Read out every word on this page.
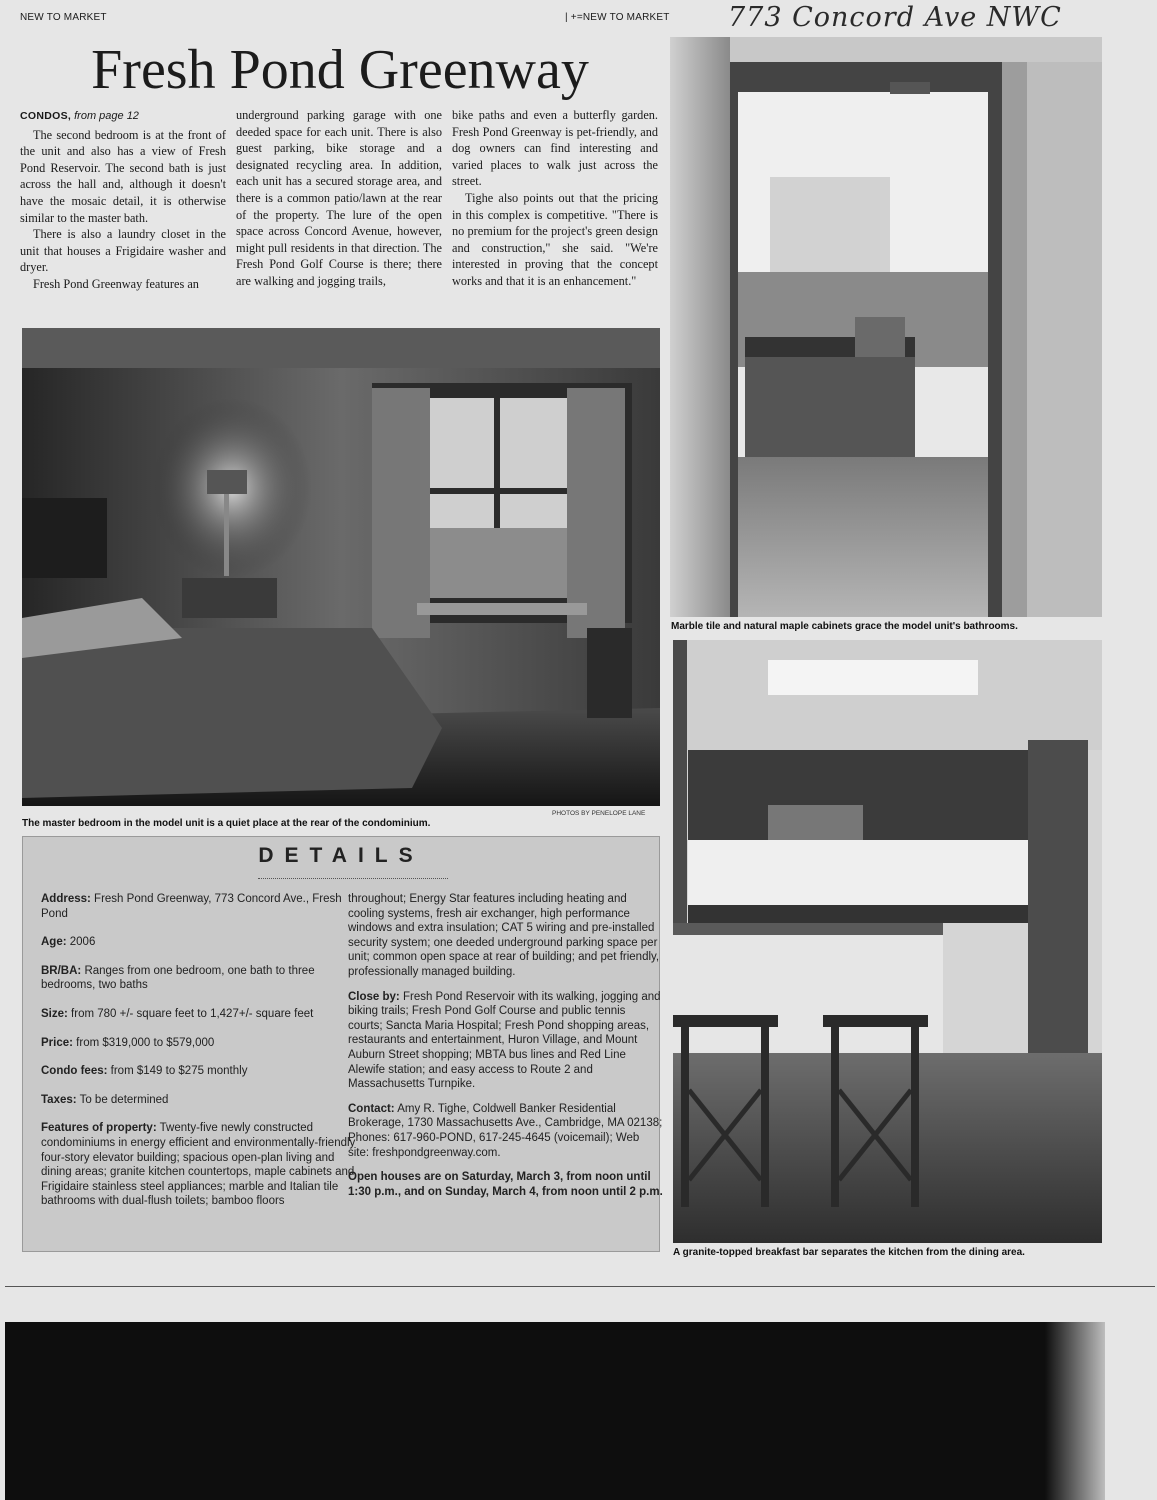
NEW TO MARKET	| +=NEW TO MARKET 773 Concord Ave NWC
Fresh Pond Greenway
CONDOS, from page 12

The second bedroom is at the front of the unit and also has a view of Fresh Pond Reservoir. The second bath is just across the hall and, although it doesn't have the mosaic detail, it is otherwise similar to the master bath.

There is also a laundry closet in the unit that houses a Frigidaire washer and dryer.

Fresh Pond Greenway features an

underground parking garage with one deeded space for each unit. There is also guest parking, bike storage and a designated recycling area. In addition, each unit has a secured storage area, and there is a common patio/lawn at the rear of the property. The lure of the open space across Concord Avenue, however, might pull residents in that direction. The Fresh Pond Golf Course is there; there are walking and jogging trails,

bike paths and even a butterfly garden. Fresh Pond Greenway is pet-friendly, and dog owners can find interesting and varied places to walk just across the street.

Tighe also points out that the pricing in this complex is competitive. "There is no premium for the project's green design and construction," she said. "We're interested in proving that the concept works and that it is an enhancement."

PHOTOS BY PENELOPE LANE
The master bedroom in the model unit is a quiet place at the rear of the condominium.
Marble tile and natural maple cabinets grace the model unit's bathrooms.
A granite-topped breakfast bar separates the kitchen from the dining area.
DETAILS

Address: Fresh Pond Greenway, 773 Concord Ave., Fresh Pond

Age: 2006

BR/BA: Ranges from one bedroom, one bath to three bedrooms, two baths

Size: from 780 +/- square feet to 1,427+/- square feet

Price: from $319,000 to $579,000

Condo fees: from $149 to $275 monthly

Taxes: To be determined

Features of property: Twenty-five newly constructed condominiums in energy efficient and environmentally-friendly four-story elevator building; spacious open-plan living and dining areas; granite kitchen countertops, maple cabinets and Frigidaire stainless steel appliances; marble and Italian tile bathrooms with dual-flush toilets; bamboo floors

throughout; Energy Star features including heating and cooling systems, fresh air exchanger, high performance windows and extra insulation; CAT 5 wiring and pre-installed security system; one deeded underground parking space per unit; common open space at rear of building; and pet friendly, professionally managed building.

Close by: Fresh Pond Reservoir with its walking, jogging and biking trails; Fresh Pond Golf Course and public tennis courts; Sancta Maria Hospital; Fresh Pond shopping areas, restaurants and entertainment, Huron Village, and Mount Auburn Street shopping; MBTA bus lines and Red Line Alewife station; and easy access to Route 2 and Massachusetts Turnpike.

Contact: Amy R. Tighe, Coldwell Banker Residential Brokerage, 1730 Massachusetts Ave., Cambridge, MA 02138; Phones: 617-960-POND, 617-245-4645 (voicemail); Web site: freshpondgreenway.com.

Open houses are on Saturday, March 3, from noon until 1:30 p.m., and on Sunday, March 4, from noon until 2 p.m.
